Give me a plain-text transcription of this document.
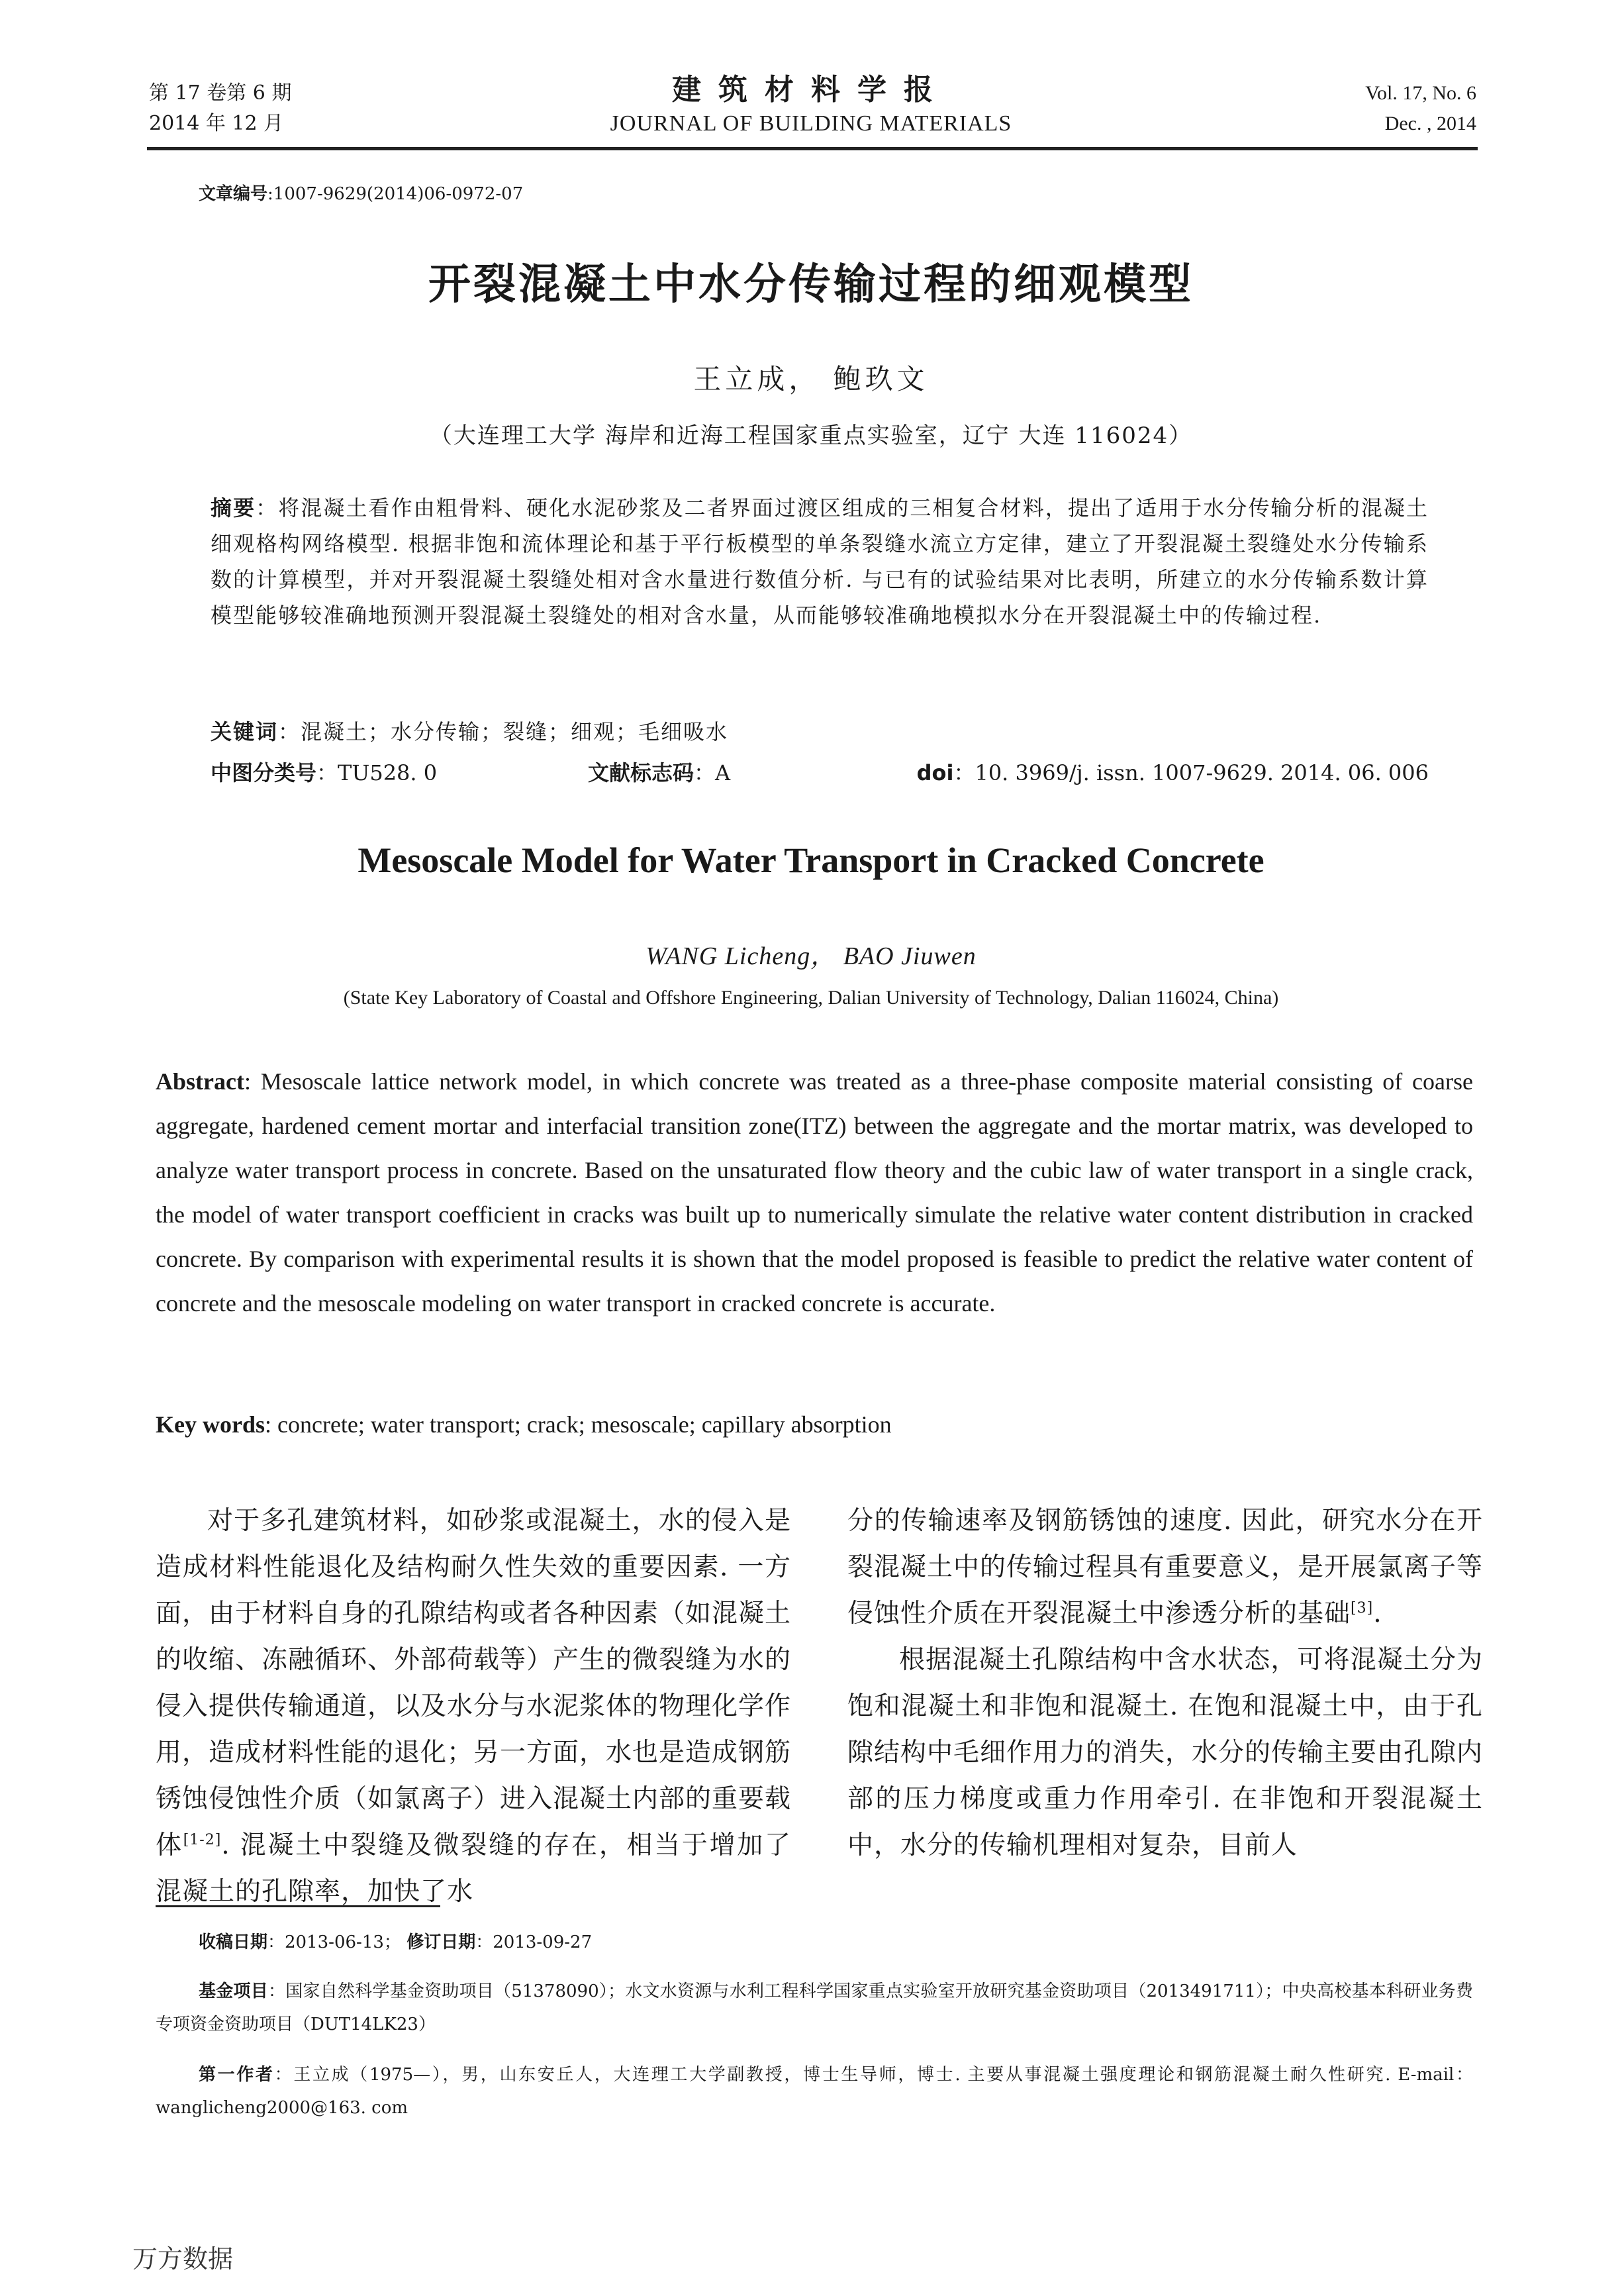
第 17 卷第 6 期
2014 年 12 月
建筑材料学报
JOURNAL OF BUILDING MATERIALS
Vol. 17, No. 6
Dec. , 2014
文章编号:1007-9629(2014)06-0972-07
开裂混凝土中水分传输过程的细观模型
王立成， 鲍玖文
（大连理工大学 海岸和近海工程国家重点实验室，辽宁 大连 116024）
摘要：将混凝土看作由粗骨料、硬化水泥砂浆及二者界面过渡区组成的三相复合材料，提出了适用于水分传输分析的混凝土细观格构网络模型. 根据非饱和流体理论和基于平行板模型的单条裂缝水流立方定律，建立了开裂混凝土裂缝处水分传输系数的计算模型，并对开裂混凝土裂缝处相对含水量进行数值分析. 与已有的试验结果对比表明，所建立的水分传输系数计算模型能够较准确地预测开裂混凝土裂缝处的相对含水量，从而能够较准确地模拟水分在开裂混凝土中的传输过程.
关键词：混凝土；水分传输；裂缝；细观；毛细吸水
中图分类号：TU528. 0	文献标志码：A	doi：10. 3969/j. issn. 1007-9629. 2014. 06. 006
Mesoscale Model for Water Transport in Cracked Concrete
WANG Licheng， BAO Jiuwen
(State Key Laboratory of Coastal and Offshore Engineering, Dalian University of Technology, Dalian 116024, China)
Abstract: Mesoscale lattice network model, in which concrete was treated as a three-phase composite material consisting of coarse aggregate, hardened cement mortar and interfacial transition zone(ITZ) between the aggregate and the mortar matrix, was developed to analyze water transport process in concrete. Based on the unsaturated flow theory and the cubic law of water transport in a single crack, the model of water transport coefficient in cracks was built up to numerically simulate the relative water content distribution in cracked concrete. By comparison with experimental results it is shown that the model proposed is feasible to predict the relative water content of concrete and the mesoscale modeling on water transport in cracked concrete is accurate.
Key words: concrete; water transport; crack; mesoscale; capillary absorption

对于多孔建筑材料，如砂浆或混凝土，水的侵入是造成材料性能退化及结构耐久性失效的重要因素. 一方面，由于材料自身的孔隙结构或者各种因素（如混凝土的收缩、冻融循环、外部荷载等）产生的微裂缝为水的侵入提供传输通道，以及水分与水泥浆体的物理化学作用，造成材料性能的退化；另一方面，水也是造成钢筋锈蚀侵蚀性介质（如氯离子）进入混凝土内部的重要载体[1-2]. 混凝土中裂缝及微裂缝的存在，相当于增加了混凝土的孔隙率，加快了水

分的传输速率及钢筋锈蚀的速度. 因此，研究水分在开裂混凝土中的传输过程具有重要意义，是开展氯离子等侵蚀性介质在开裂混凝土中渗透分析的基础[3].

根据混凝土孔隙结构中含水状态，可将混凝土分为饱和混凝土和非饱和混凝土. 在饱和混凝土中，由于孔隙结构中毛细作用力的消失，水分的传输主要由孔隙内部的压力梯度或重力作用牵引. 在非饱和开裂混凝土中，水分的传输机理相对复杂，目前人

收稿日期：2013-06-13； 修订日期：2013-09-27
基金项目：国家自然科学基金资助项目（51378090）；水文水资源与水利工程科学国家重点实验室开放研究基金资助项目（2013491711）；中央高校基本科研业务费专项资金资助项目（DUT14LK23）
第一作者：王立成（1975—），男，山东安丘人，大连理工大学副教授，博士生导师，博士. 主要从事混凝土强度理论和钢筋混凝土耐久性研究. E-mail：wanglicheng2000@163. com
万方数据
